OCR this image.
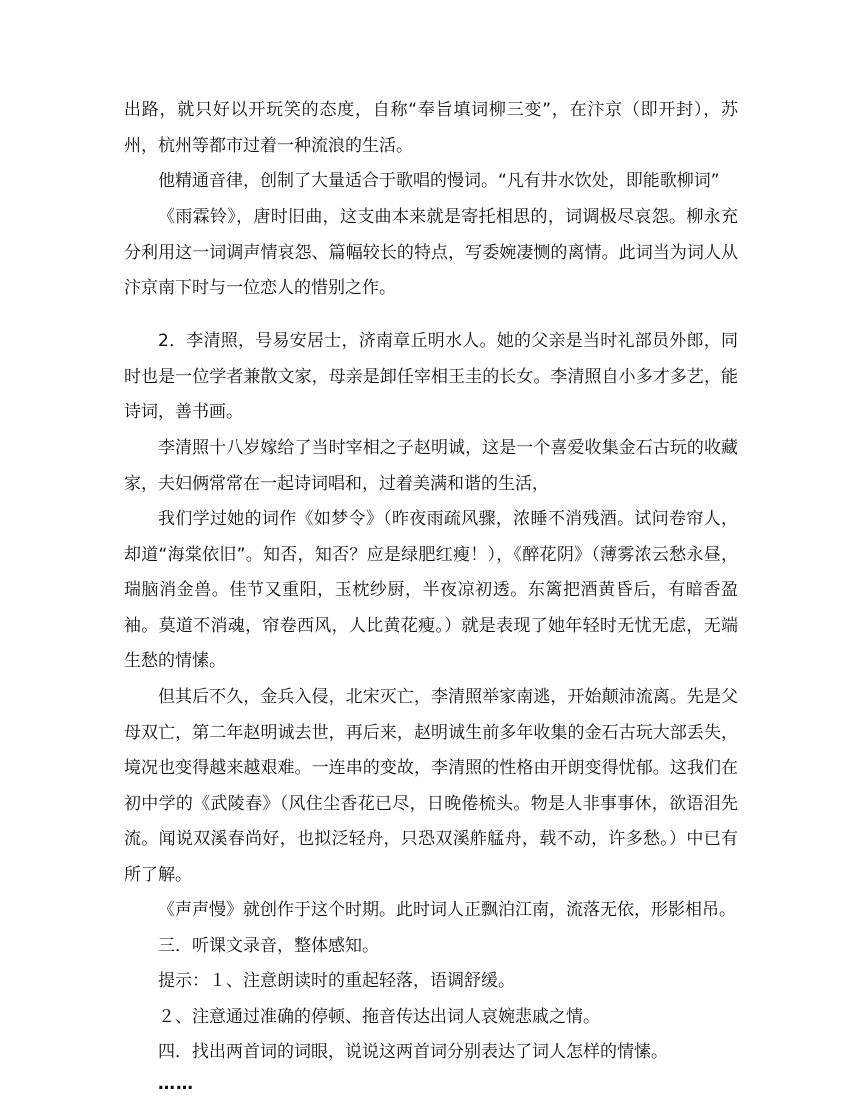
出路，就只好以开玩笑的态度，自称“奉旨填词柳三变”，在汴京（即开封），苏州，杭州等都市过着一种流浪的生活。

他精通音律，创制了大量适合于歌唱的慢词。“凡有井水饮处，即能歌柳词”

《雨霖铃》，唐时旧曲，这支曲本来就是寄托相思的，词调极尽哀怨。柳永充分利用这一词调声情哀怨、篇幅较长的特点，写委婉凄恻的离情。此词当为词人从汴京南下时与一位恋人的惜别之作。

2．李清照，号易安居士，济南章丘明水人。她的父亲是当时礼部员外郎，同时也是一位学者兼散文家，母亲是卸任宰相王圭的长女。李清照自小多才多艺，能诗词，善书画。

李清照十八岁嫁给了当时宰相之子赵明诚，这是一个喜爱收集金石古玩的收藏家，夫妇俩常常在一起诗词唱和，过着美满和谐的生活，

我们学过她的词作《如梦令》（昨夜雨疏风骤，浓睡不消残酒。试问卷帘人，却道“海棠依旧”。知否，知否？应是绿肥红瘦！），《醉花阴》（薄雾浓云愁永昼，瑞脑消金兽。佳节又重阳，玉枕纱厨，半夜凉初透。东篱把酒黄昏后，有暗香盈袖。莫道不消魂，帘卷西风，人比黄花瘦。）就是表现了她年轻时无忧无虑，无端生愁的情愫。

但其后不久，金兵入侵，北宋灭亡，李清照举家南逃，开始颠沛流离。先是父母双亡，第二年赵明诚去世，再后来，赵明诚生前多年收集的金石古玩大部丢失，境况也变得越来越艰难。一连串的变故，李清照的性格由开朗变得忧郁。这我们在初中学的《武陵春》（风住尘香花已尽，日晚倦梳头。物是人非事事休，欲语泪先流。闻说双溪春尚好，也拟泛轻舟，只恐双溪舴艋舟，载不动，许多愁。）中已有所了解。

《声声慢》就创作于这个时期。此时词人正飘泊江南，流落无依，形影相吊。

三．听课文录音，整体感知。

提示：１、注意朗读时的重起轻落，语调舒缓。

２、注意通过准确的停顿、拖音传达出词人哀婉悲戚之情。

四．找出两首词的词眼，说说这两首词分别表达了词人怎样的情愫。

……
